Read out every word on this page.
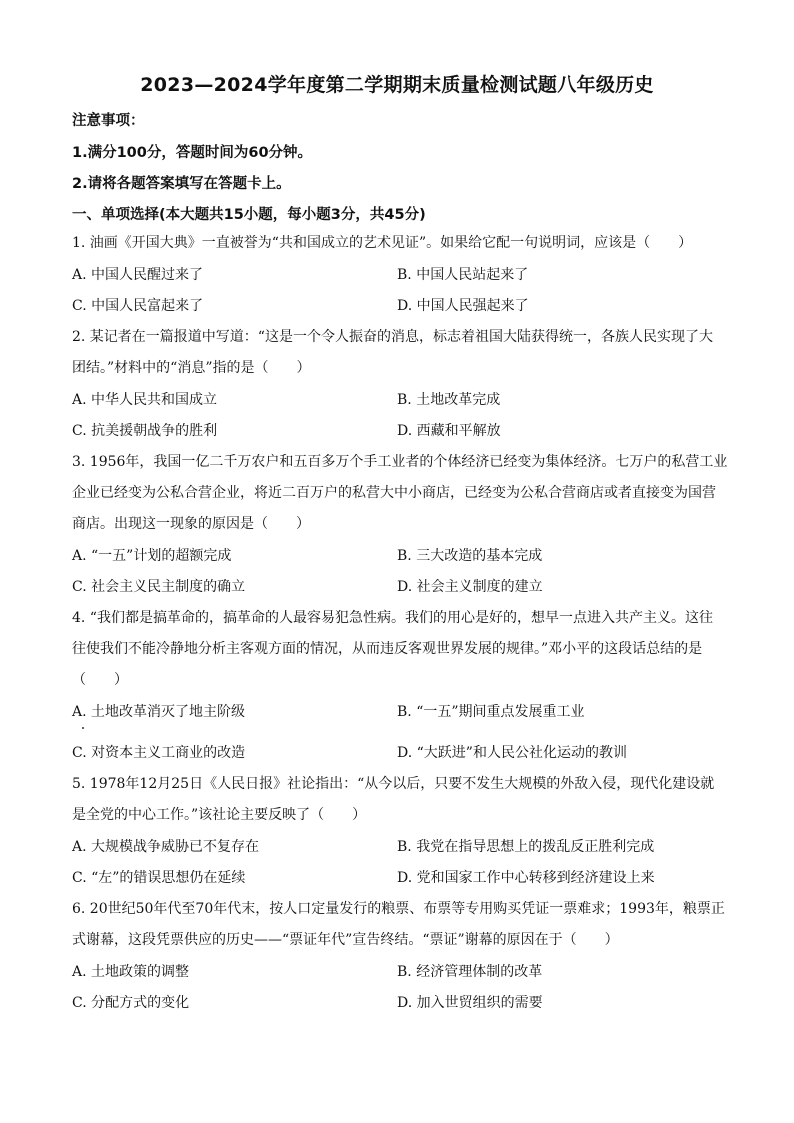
2023—2024学年度第二学期期末质量检测试题八年级历史
注意事项：
1.满分100分，答题时间为60分钟。
2.请将各题答案填写在答题卡上。
一、单项选择(本大题共15小题，每小题3分，共45分)
1. 油画《开国大典》一直被誉为“共和国成立的艺术见证”。如果给它配一句说明词，应该是（　　）
A. 中国人民醒过来了	B. 中国人民站起来了
C. 中国人民富起来了	D. 中国人民强起来了
2. 某记者在一篇报道中写道：“这是一个令人振奋的消息，标志着祖国大陆获得统一，各族人民实现了大
团结。”材料中的“消息”指的是（　　）
A. 中华人民共和国成立	B. 土地改革完成
C. 抗美援朝战争的胜利	D. 西藏和平解放
3. 1956年，我国一亿二千万农户和五百多万个手工业者的个体经济已经变为集体经济。七万户的私营工业
企业已经变为公私合营企业，将近二百万户的私营大中小商店，已经变为公私合营商店或者直接变为国营
商店。出现这一现象的原因是（　　）
A. “一五”计划的超额完成	B. 三大改造的基本完成
C. 社会主义民主制度的确立	D. 社会主义制度的建立
4. “我们都是搞革命的，搞革命的人最容易犯急性病。我们的用心是好的，想早一点进入共产主义。这往
往使我们不能冷静地分析主客观方面的情况，从而违反客观世界发展的规律。”邓小平的这段话总结的是
（　　）
A. 土地改革消灭了地主阶级	B. “一五”期间重点发展重工业
C. 对资本主义工商业的改造	D. “大跃进”和人民公社化运动的教训
5. 1978年12月25日《人民日报》社论指出：“从今以后，只要不发生大规模的外敌入侵，现代化建设就
是全党的中心工作。”该社论主要反映了（　　）
A. 大规模战争威胁已不复存在	B. 我党在指导思想上的拨乱反正胜利完成
C. “左”的错误思想仍在延续	D. 党和国家工作中心转移到经济建设上来
6. 20世纪50年代至70年代末，按人口定量发行的粮票、布票等专用购买凭证一票难求；1993年，粮票正
式谢幕，这段凭票供应的历史——“票证年代”宣告终结。“票证”谢幕的原因在于（　　）
A. 土地政策的调整	B. 经济管理体制的改革
C. 分配方式的变化	D. 加入世贸组织的需要
